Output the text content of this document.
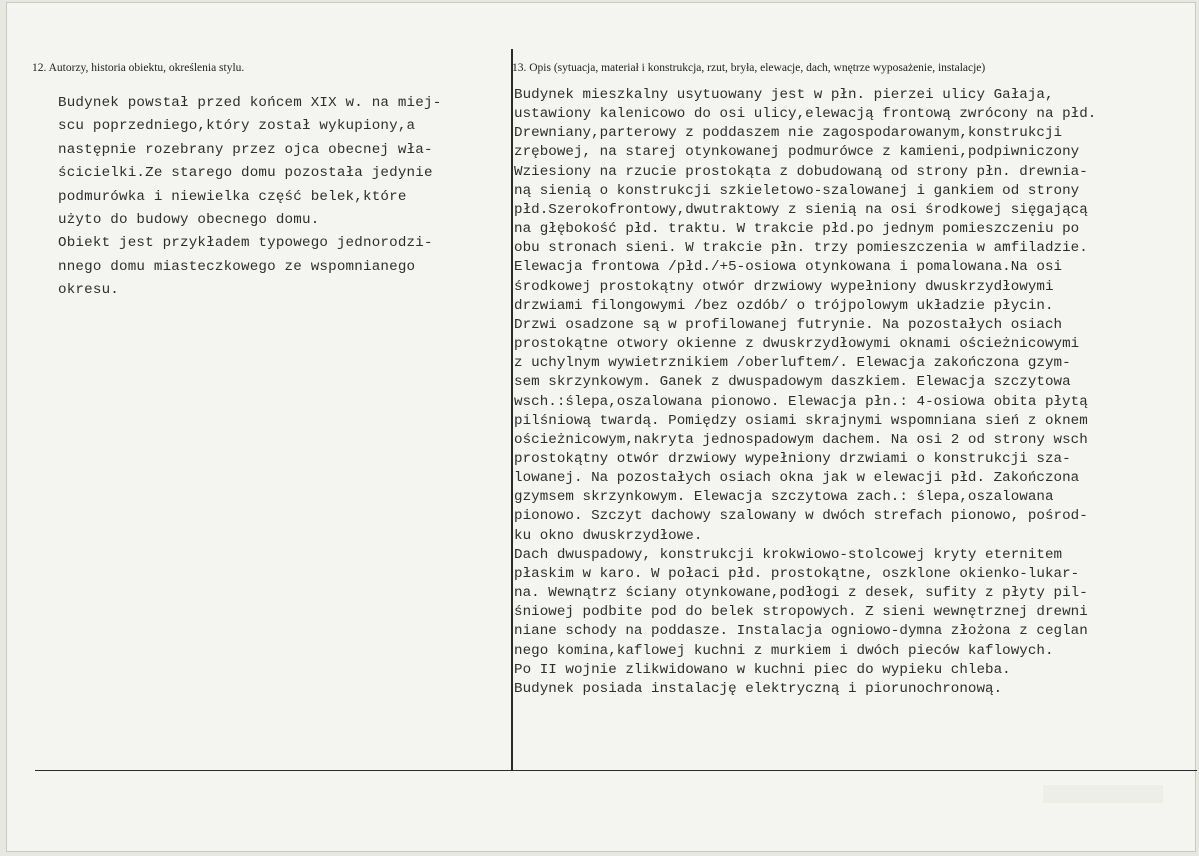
12. Autorzy, historia obiektu, określenia stylu.	13. Opis (sytuacja, materiał i konstrukcja, rzut, bryła, elewacje, dach, wnętrze wyposażenie, instalacje)
Budynek powstał przed końcem XIX w. na miej-
scu poprzedniego,który został wykupiony,a
następnie rozebrany przez ojca obecnej wła-
ścicielki.Ze starego domu pozostała jedynie
podmurówka i niewielka część belek,które
użyto do budowy obecnego domu.
Obiekt jest przykładem typowego jednorodzi-
nnego domu miasteczkowego ze wspomnianego
okresu.
Budynek mieszkalny usytuowany jest w płn. pierzei ulicy Gałaja,
ustawiony kalenicowo do osi ulicy,elewacją frontową zwrócony na płd.
Drewniany,parterowy z poddaszem nie zagospodarowanym,konstrukcji
zrębowej, na starej otynkowanej podmurówce z kamieni,podpiwniczony
Wziesiony na rzucie prostokąta z dobudowaną od strony płn. drewnia-
ną sienią o konstrukcji szkieletowo-szalowanej i gankiem od strony
płd.Szerokofrontowy,dwutraktowy z sienią na osi środkowej sięgającą
na głębokość płd. traktu. W trakcie płd.po jednym pomieszczeniu po
obu stronach sieni. W trakcie płn. trzy pomieszczenia w amfiladzie.
Elewacja frontowa /płd./+5-osiowa otynkowana i pomalowana.Na osi
środkowej prostokątny otwór drzwiowy wypełniony dwuskrzydłowymi
drzwiami filongowymi /bez ozdób/ o trójpolowym układzie płycin.
Drzwi osadzone są w profilowanej futrynie. Na pozostałych osiach
prostokątne otwory okienne z dwuskrzydłowymi oknami ościeżnicowymi
z uchylnym wywietrznikiem /oberluftem/. Elewacja zakończona gzym-
sem skrzynkowym. Ganek z dwuspadowym daszkiem. Elewacja szczytowa
wsch.:ślepa,oszalowana pionowo. Elewacja płn.: 4-osiowa obita płytą
pilśniową twardą. Pomiędzy osiami skrajnymi wspomniana sień z oknem
ościeżnicowym,nakryta jednospadowym dachem. Na osi 2 od strony wsch
prostokątny otwór drzwiowy wypełniony drzwiami o konstrukcji sza-
lowanej. Na pozostałych osiach okna jak w elewacji płd. Zakończona
gzymsem skrzynkowym. Elewacja szczytowa zach.: ślepa,oszalowana
pionowo. Szczyt dachowy szalowany w dwóch strefach pionowo, pośrod-
ku okno dwuskrzydłowe.
Dach dwuspadowy, konstrukcji krokwiowo-stolcowej kryty eternitem
płaskim w karo. W połaci płd. prostokątne, oszklone okienko-lukar-
na. Wewnątrz ściany otynkowane,podłogi z desek, sufity z płyty pil-
śniowej podbite pod do belek stropowych. Z sieni wewnętrznej drewni
niane schody na poddasze. Instalacja ogniowo-dymna złożona z ceglan
nego komina,kaflowej kuchni z murkiem i dwóch pieców kaflowych.
Po II wojnie zlikwidowano w kuchni piec do wypieku chleba.
Budynek posiada instalację elektryczną i piorunochronową.
